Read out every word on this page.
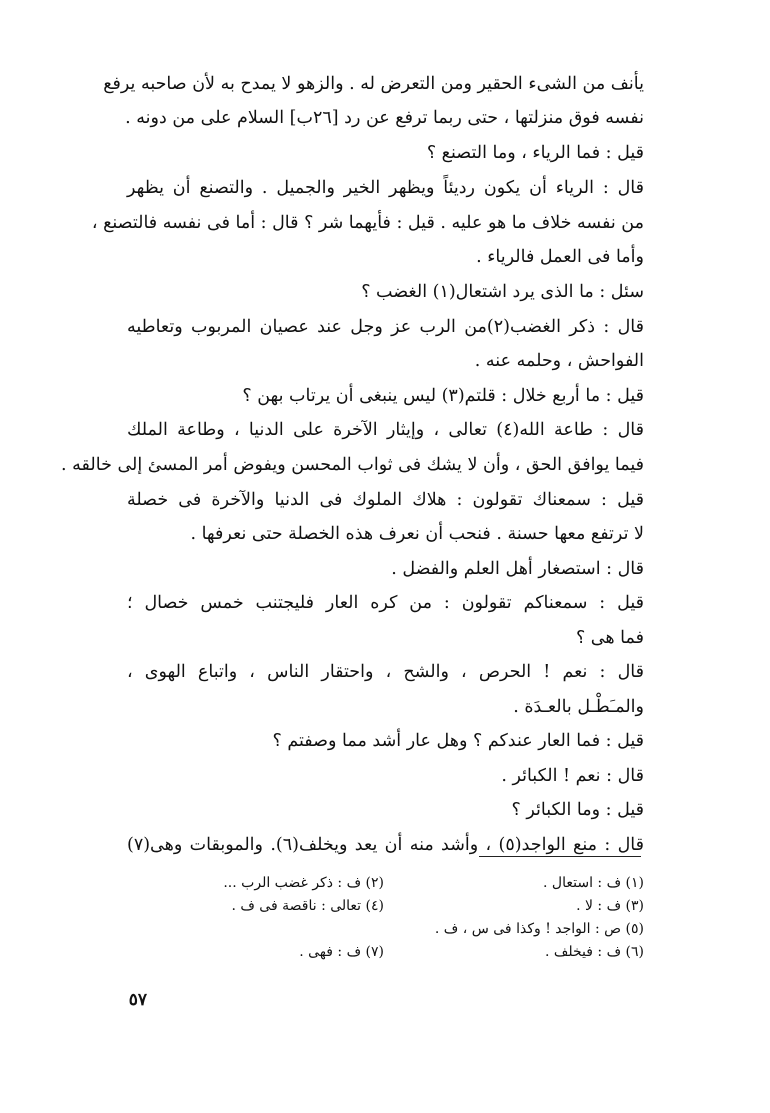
يأنف من الشىء الحقير ومن التعرض له . والزهو لا يمدح به لأن صاحبه يرفع
نفسه فوق منزلتها ، حتى ربما ترفع عن رد [٢٦ب] السلام على من دونه .
قيل : فما الرياء ، وما التصنع ؟
قال : الرياء أن يكون رديئاً ويظهر الخير والجميل . والتصنع أن يظهر
من نفسه خلاف ما هو عليه . قيل : فأيهما شر ؟ قال : أما فى نفسه فالتصنع ،
وأما فى العمل فالرياء .
سئل : ما الذى يرد اشتعال(١) الغضب ؟
قال : ذكر الغضب(٢)من الرب عز وجل عند عصيان المربوب وتعاطيه
الفواحش ، وحلمه عنه .
قيل : ما أربع خلال : قلتم(٣) ليس ينبغى أن يرتاب بهن ؟
قال : طاعة الله(٤) تعالى ، وإيثار الآخرة على الدنيا ، وطاعة الملك
فيما يوافق الحق ، وأن لا يشك فى ثواب المحسن ويفوض أمر المسئ إلى خالقه .
قيل : سمعناك تقولون : هلاك الملوك فى الدنيا والآخرة فى خصلة
لا ترتفع معها حسنة . فنحب أن نعرف هذه الخصلة حتى نعرفها .
قال : استصغار أهل العلم والفضل .
قيل : سمعناكم تقولون : من كره العار فليجتنب خمس خصال ؛
فما هى ؟
قال : نعم ! الحرص ، والشح ، واحتقار الناس ، واتباع الهوى ،
والمـَطْـل بالعـدَة .
قيل : فما العار عندكم ؟ وهل عار أشد مما وصفتم ؟
قال : نعم ! الكبائر .
قيل : وما الكبائر ؟
قال : منع الواجد(٥) ، وأشد منه أن يعد ويخلف(٦). والموبقات وهى(٧)
(١) ف : استعال .
(٢) ف : ذكر غضب الرب ...
(٣) ف : لا .
(٤) تعالى : ناقصة فى ف .
(٥) ص : الواجد ! وكذا فى س ، ف .
(٦) ف : فيخلف .
(٧) ف : فهى .
٥٧
